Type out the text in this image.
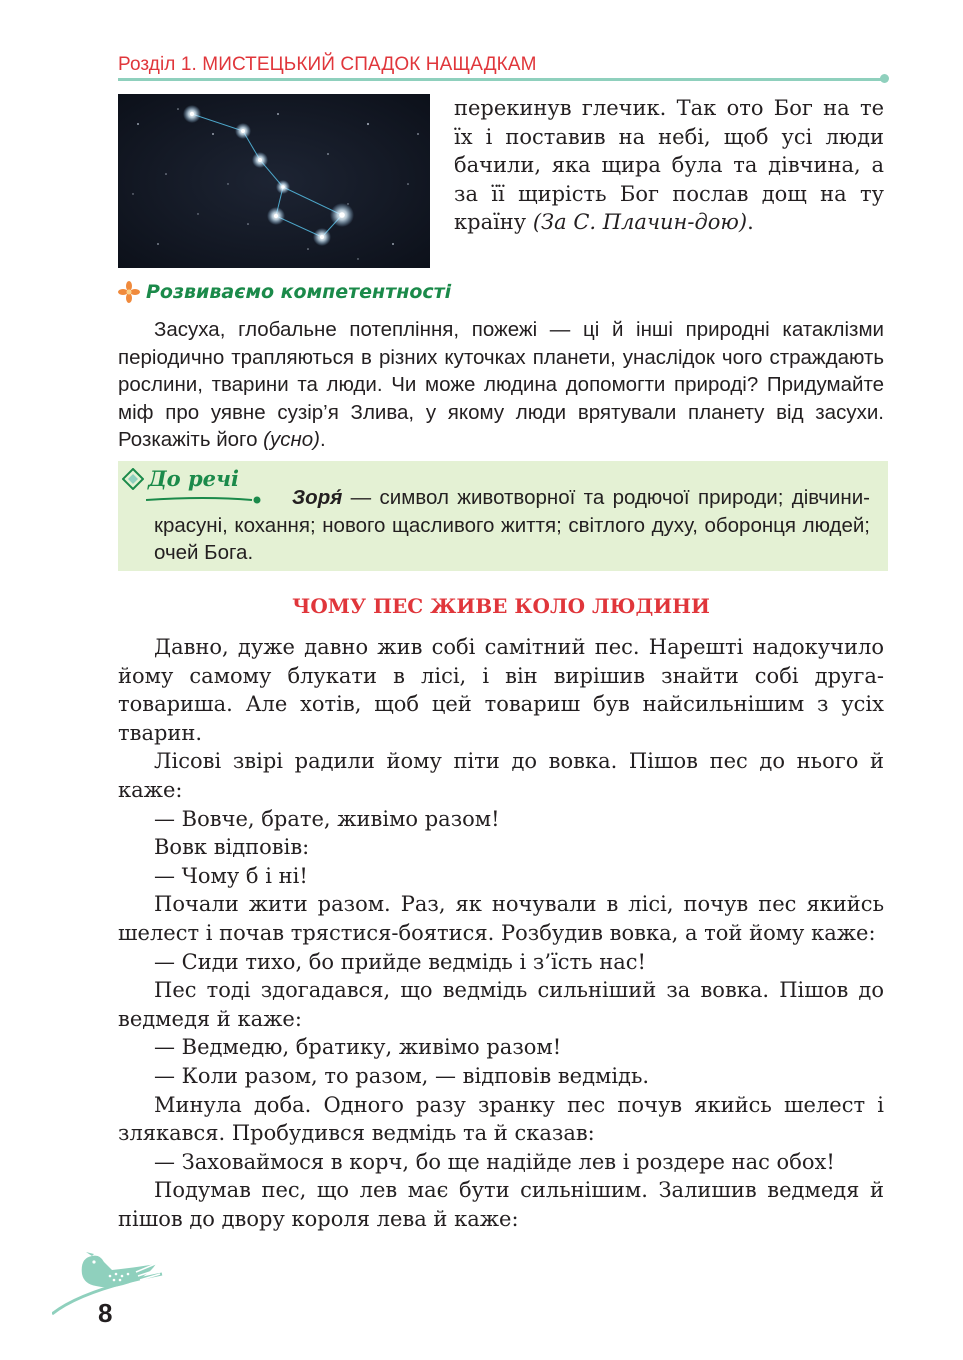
Розділ 1. МИСТЕЦЬКИЙ СПАДОК НАЩАДКАМ
перекинув глечик. Так ото Бог на те їх і поставив на небі, щоб усі люди бачили, яка щира була та дівчина, а за її щирість Бог послав дощ на ту країну (За С. Плачин-дою).
Розвиваємо компетентності
Засуха, глобальне потепління, пожежі — ці й інші природні катаклізми періодично трапляються в різних куточках планети, унаслідок чого страждають рослини, тварини та люди. Чи може людина допомогти природі? Придумайте міф про уявне сузір’я Злива, у якому люди врятували планету від засухи. Розкажіть його (усно).
До речі
Зоря́ — символ животворної та родючої природи; дівчини-красуні, кохання; нового щасливого життя; світлого духу, оборонця людей; очей Бога.
ЧОМУ ПЕС ЖИВЕ КОЛО ЛЮДИНИ

Давно, дуже давно жив собі самітний пес. Нарешті надокучило йому самому блукати в лісі, і він вирішив знайти собі друга-товариша. Але хотів, щоб цей товариш був найсильнішим з усіх тварин.

Лісові звірі радили йому піти до вовка. Пішов пес до нього й каже:

— Вовче, брате, живімо разом!

Вовк відповів:

— Чому б і ні!

Почали жити разом. Раз, як ночували в лісі, почув пес якийсь шелест і почав трястися-боятися. Розбудив вовка, а той йому каже:

— Сиди тихо, бо прийде ведмідь і з’їсть нас!

Пес тоді здогадався, що ведмідь сильніший за вовка. Пішов до ведмедя й каже:

— Ведмедю, братику, живімо разом!

— Коли разом, то разом, — відповів ведмідь.

Минула доба. Одного разу зранку пес почув якийсь шелест і злякався. Пробудився ведмідь та й сказав:

— Заховаймося в корч, бо ще надійде лев і роздере нас обох!

Подумав пес, що лев має бути сильнішим. Залишив ведмедя й пішов до двору короля лева й каже:

8
